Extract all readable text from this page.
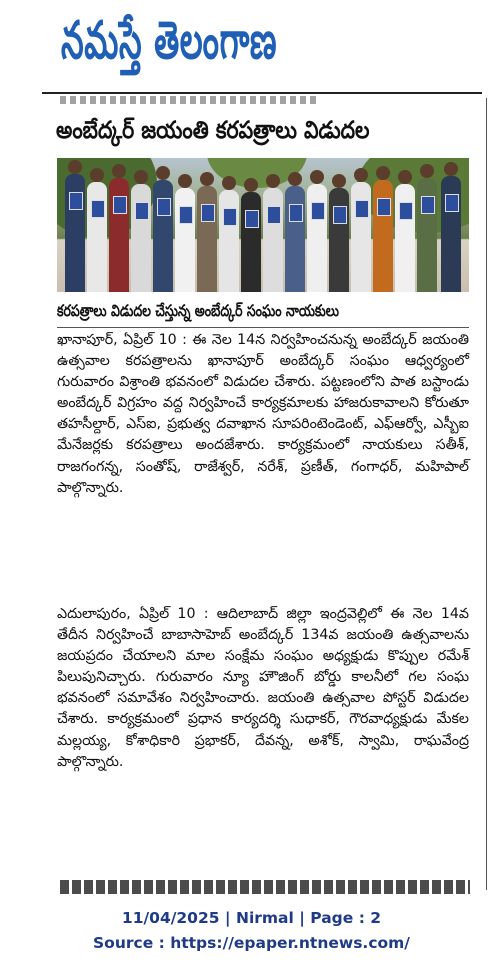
నమస్తే తెలంగాణ
అంబేద్కర్ జయంతి కరపత్రాలు విడుదల
కరపత్రాలు విడుదల చేస్తున్న అంబేద్కర్ సంఘం నాయకులు

ఖానాపూర్, ఏప్రిల్ 10 : ఈ నెల 14న నిర్వహించనున్న అంబేద్కర్ జయంతి ఉత్సవాల కరపత్రాలను ఖానాపూర్ అంబేద్కర్ సంఘం ఆధ్వర్యంలో గురువారం విశ్రాంతి భవనంలో విడుదల చేశారు. పట్టణంలోని పాత బస్టాండు అంబేద్కర్ విగ్రహం వద్ద నిర్వహించే కార్యక్రమాలకు హాజరుకావాలని కోరుతూ తహసీల్దార్, ఎస్ఐ, ప్రభుత్వ దవాఖాన సూపరింటెండెంట్, ఎఫ్ఆర్వో, ఎస్బీఐ మేనేజర్లకు కరపత్రాలు అందజేశారు. కార్యక్రమంలో నాయకులు సతీశ్, రాజగంగన్న, సంతోష్, రాజేశ్వర్, నరేశ్, ప్రణీత్, గంగాధర్, మహిపాల్ పాల్గొన్నారు.

ఎదులాపురం, ఏప్రిల్ 10 : ఆదిలాబాద్ జిల్లా ఇంద్రవెల్లిలో ఈ నెల 14వ తేదీన నిర్వహించే బాబాసాహెబ్ అంబేద్కర్ 134వ జయంతి ఉత్సవాలను జయప్రదం చేయాలని మాల సంక్షేమ సంఘం అధ్యక్షుడు కొప్పుల రమేశ్ పిలుపునిచ్చారు. గురువారం న్యూ హౌజింగ్ బోర్డు కాలనీలో గల సంఘ భవనంలో సమావేశం నిర్వహించారు. జయంతి ఉత్సవాల పోస్టర్ విడుదల చేశారు. కార్యక్రమంలో ప్రధాన కార్యదర్శి సుధాకర్, గౌరవాధ్యక్షుడు మేకల మల్లయ్య, కోశాధికారి ప్రభాకర్, దేవన్న, అశోక్, స్వామి, రాఘవేంద్ర పాల్గొన్నారు.

11/04/2025 | Nirmal | Page : 2
Source : https://epaper.ntnews.com/
